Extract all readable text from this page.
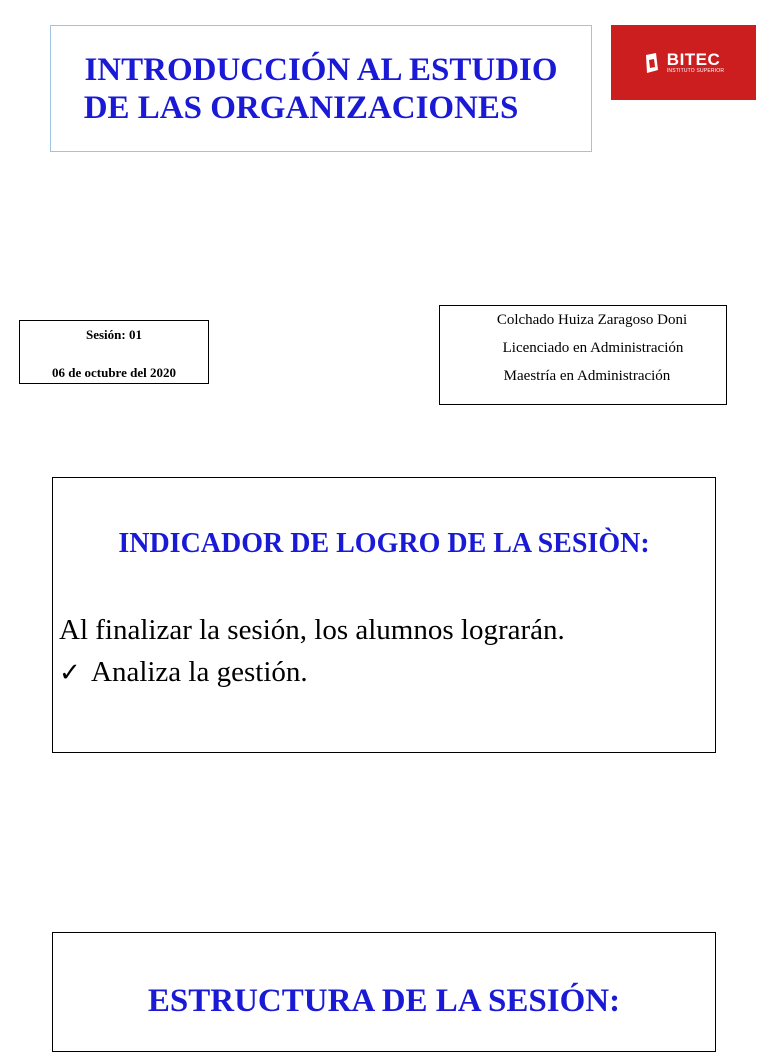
INTRODUCCIÓN AL ESTUDIO
DE LAS ORGANIZACIONES
BITEC
INSTITUTO SUPERIOR
Sesión: 01
06 de octubre del 2020
Colchado Huiza Zaragoso Doni
Licenciado en Administración
Maestría en Administración
INDICADOR DE LOGRO DE LA SESIÒN:
Al finalizar la sesión, los alumnos lograrán.
✓ Analiza la gestión.
ESTRUCTURA DE LA SESIÓN:
